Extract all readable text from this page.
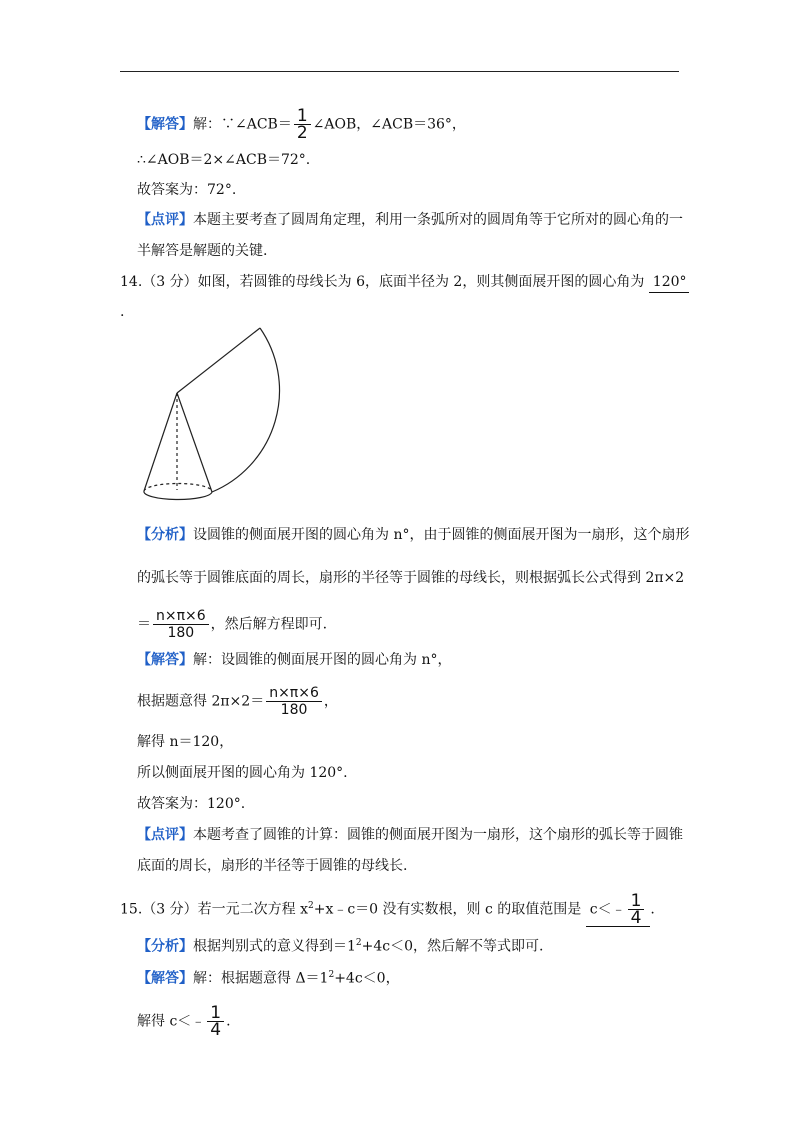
【解答】解：∵∠ACB＝ $\frac{1}{2}$ ∠AOB，∠ACB＝36°，
∴∠AOB＝2×∠ACB＝72°.
故答案为：72°.
【点评】本题主要考查了圆周角定理，利用一条弧所对的圆周角等于它所对的圆心角的一
半解答是解题的关键.
14.（3 分）如图，若圆锥的母线长为 6，底面半径为 2，则其侧面展开图的圆心角为 120°
.
【分析】设圆锥的侧面展开图的圆心角为 n°，由于圆锥的侧面展开图为一扇形，这个扇形
的弧长等于圆锥底面的周长，扇形的半径等于圆锥的母线长，则根据弧长公式得到 2π×2
＝ $\frac{n\times\pi\times 6}{180}$ ，然后解方程即可.
【解答】解：设圆锥的侧面展开图的圆心角为 n°，
根据题意得 $2\pi\times 2= \frac{n\times\pi\times 6}{180}$ ，
解得 n＝120，
所以侧面展开图的圆心角为 120°.
故答案为：120°.
【点评】本题考查了圆锥的计算：圆锥的侧面展开图为一扇形，这个扇形的弧长等于圆锥
底面的周长，扇形的半径等于圆锥的母线长.
15.（3 分）若一元二次方程 $x^2+x﹣c=0$ 没有实数根，则 c 的取值范围是 c＜﹣ $\frac{1}{4}$ .
【分析】根据判别式的意义得到$=1^2+4c<0$，然后解不等式即可.
【解答】解：根据题意得 $\Delta=1^2+4c<0$，
解得 c＜﹣ $\frac{1}{4}$ .
